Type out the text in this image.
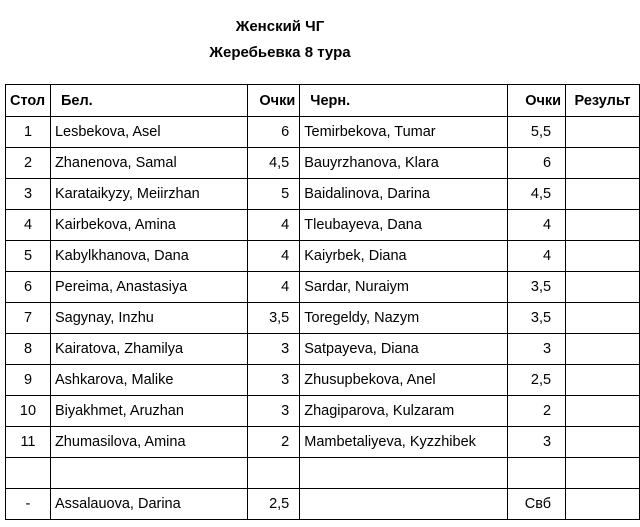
Женский ЧГ
Жеребьевка 8 тура
Стол	Бел.	Очки	Черн.	Очки	Результ
1	Lesbekova, Asel	6	Temirbekova, Tumar	5,5	
2	Zhanenova, Samal	4,5	Bauyrzhanova, Klara	6	
3	Karataikyzy, Meiirzhan	5	Baidalinova, Darina	4,5	
4	Kairbekova, Amina	4	Tleubayeva, Dana	4	
5	Kabylkhanova, Dana	4	Kaiyrbek, Diana	4	
6	Pereima, Anastasiya	4	Sardar, Nuraiym	3,5	
7	Sagynay, Inzhu	3,5	Toregeldy, Nazym	3,5	
8	Kairatova, Zhamilya	3	Satpayeva, Diana	3	
9	Ashkarova, Malike	3	Zhusupbekova, Anel	2,5	
10	Biyakhmet, Aruzhan	3	Zhagiparova, Kulzaram	2	
11	Zhumasilova, Amina	2	Mambetaliyeva, Kyzzhibek	3	

-	Assalauova, Darina	2,5		Свб	
